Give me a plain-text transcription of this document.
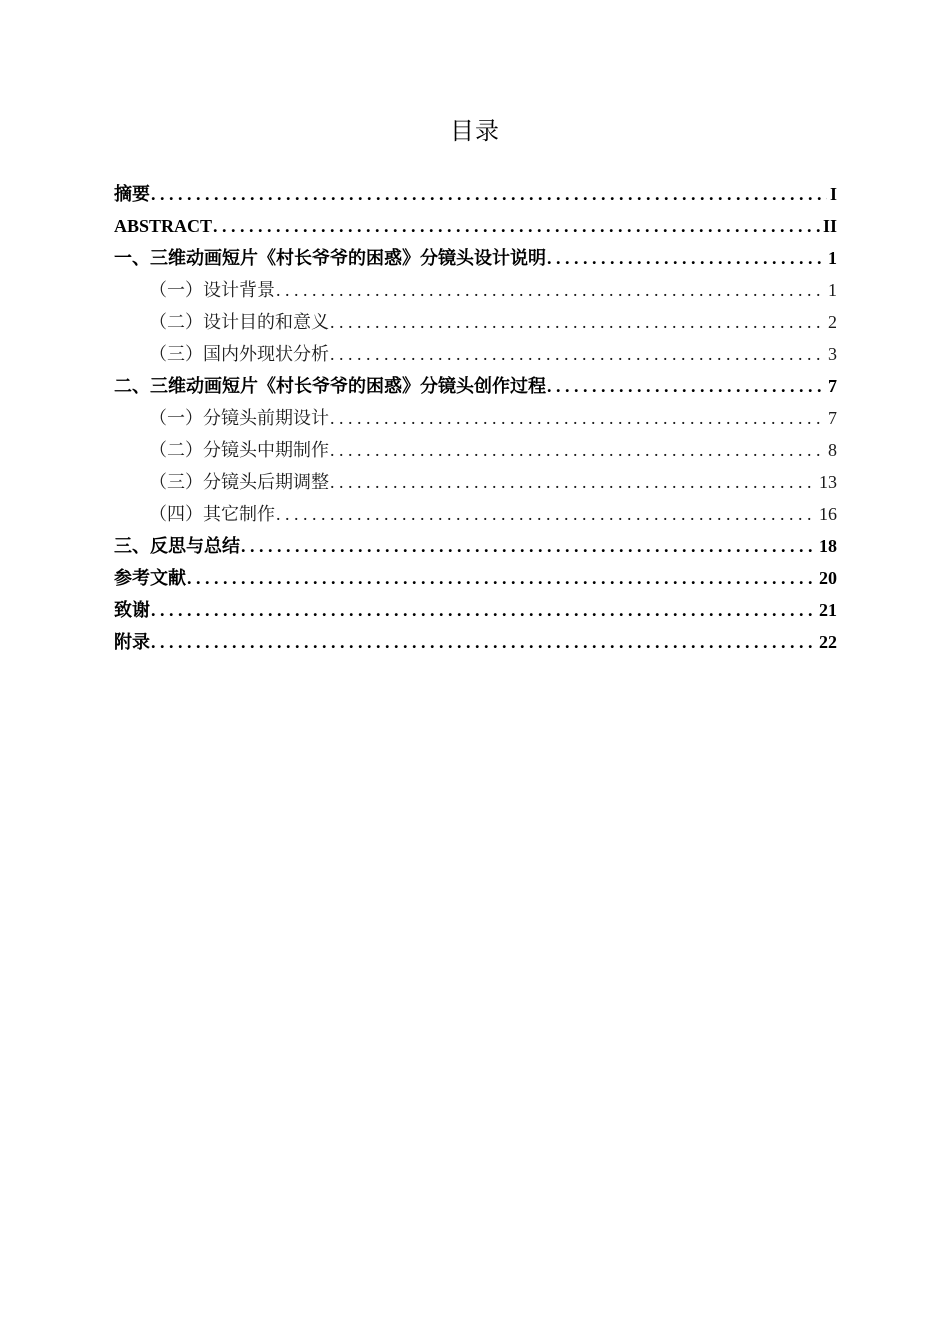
目录
摘要 . . .	I
ABSTRACT . . .	II
一、三维动画短片《村长爷爷的困惑》分镜头设计说明 . . .	1
（一）设计背景 . . .	1
（二）设计目的和意义 . . .	2
（三）国内外现状分析 . . .	3
二、三维动画短片《村长爷爷的困惑》分镜头创作过程 . . .	7
（一）分镜头前期设计 . . .	7
（二）分镜头中期制作 . . .	8
（三）分镜头后期调整 . . .	13
（四）其它制作 . . .	16
三、反思与总结 . . .	18
参考文献 . . .	20
致谢 . . .	21
附录 . . .	22
